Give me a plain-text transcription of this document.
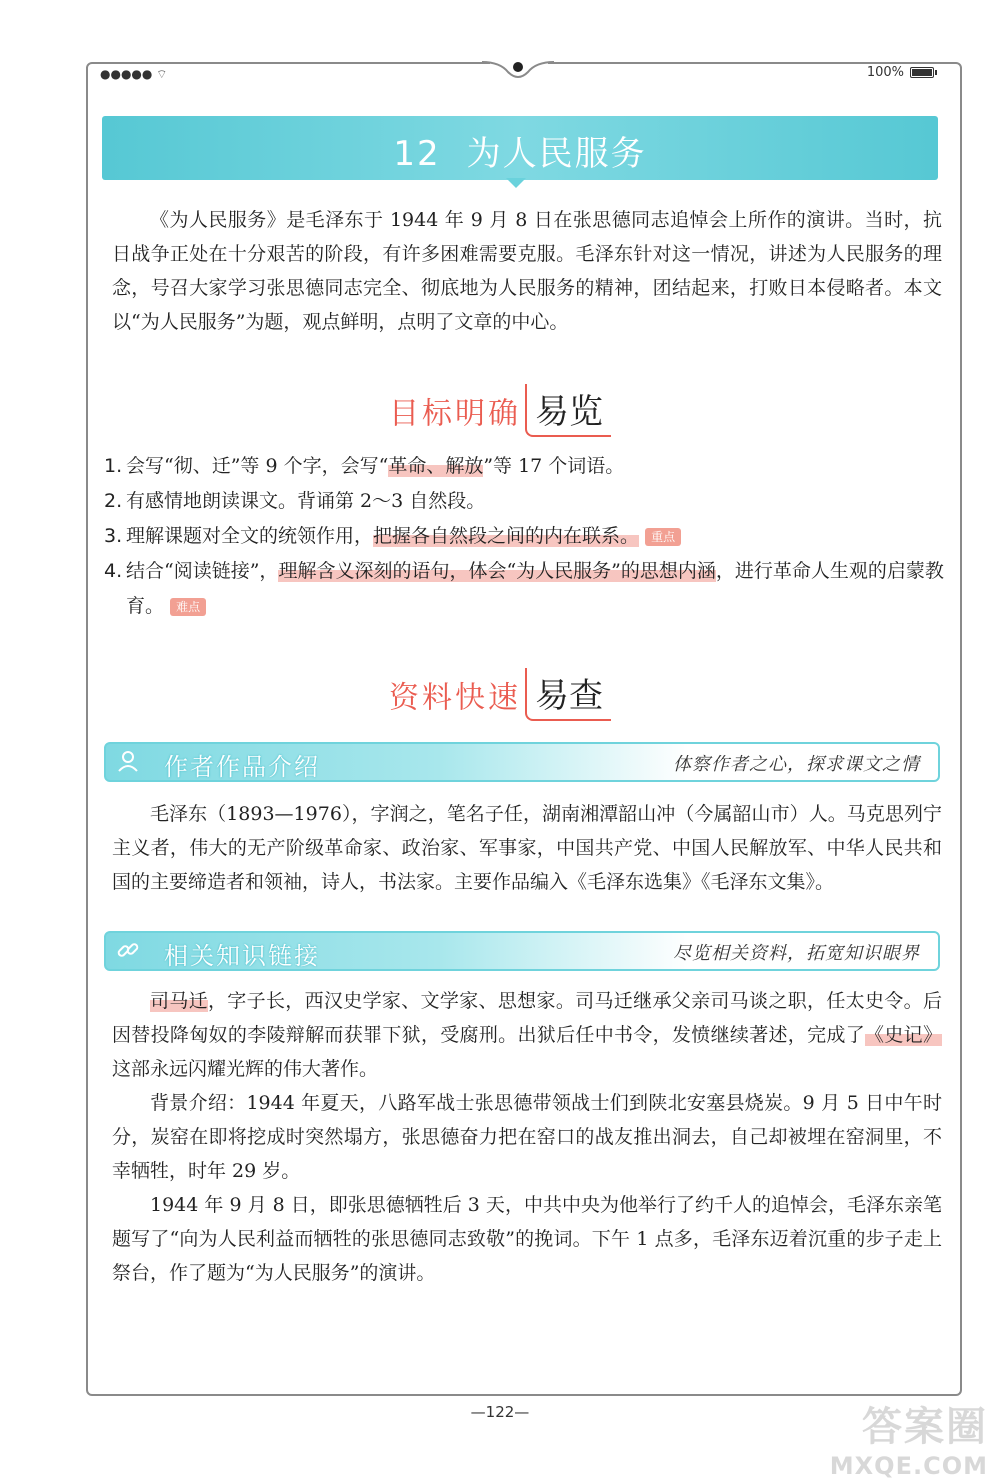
●●●●● ⌔	100%
12 为人民服务

《为人民服务》是毛泽东于 1944 年 9 月 8 日在张思德同志追悼会上所作的演讲。当时，抗日战争正处在十分艰苦的阶段，有许多困难需要克服。毛泽东针对这一情况，讲述为人民服务的理念，号召大家学习张思德同志完全、彻底地为人民服务的精神，团结起来，打败日本侵略者。本文以“为人民服务”为题，观点鲜明，点明了文章的中心。

目标明确 易览
1. 会写“彻、迁”等 9 个字，会写“革命、解放”等 17 个词语。
2. 有感情地朗读课文。背诵第 2～3 自然段。
3. 理解课题对全文的统领作用，把握各自然段之间的内在联系。 重点
4. 结合“阅读链接”，理解含义深刻的语句，体会“为人民服务”的思想内涵，进行革命人生观的启蒙教育。 难点
资料快速 易查
作者作品介绍	体察作者之心，探求课文之情

毛泽东（1893—1976），字润之，笔名子任，湖南湘潭韶山冲（今属韶山市）人。马克思列宁主义者，伟大的无产阶级革命家、政治家、军事家，中国共产党、中国人民解放军、中华人民共和国的主要缔造者和领袖，诗人，书法家。主要作品编入《毛泽东选集》《毛泽东文集》。

相关知识链接	尽览相关资料，拓宽知识眼界

司马迁，字子长，西汉史学家、文学家、思想家。司马迁继承父亲司马谈之职，任太史令。后因替投降匈奴的李陵辩解而获罪下狱，受腐刑。出狱后任中书令，发愤继续著述，完成了《史记》这部永远闪耀光辉的伟大著作。

背景介绍：1944 年夏天，八路军战士张思德带领战士们到陕北安塞县烧炭。9 月 5 日中午时分，炭窑在即将挖成时突然塌方，张思德奋力把在窑口的战友推出洞去，自己却被埋在窑洞里，不幸牺牲，时年 29 岁。

1944 年 9 月 8 日，即张思德牺牲后 3 天，中共中央为他举行了约千人的追悼会，毛泽东亲笔题写了“向为人民利益而牺牲的张思德同志致敬”的挽词。下午 1 点多，毛泽东迈着沉重的步子走上祭台，作了题为“为人民服务”的演讲。

—122—	答案圈
MXQE.COM
